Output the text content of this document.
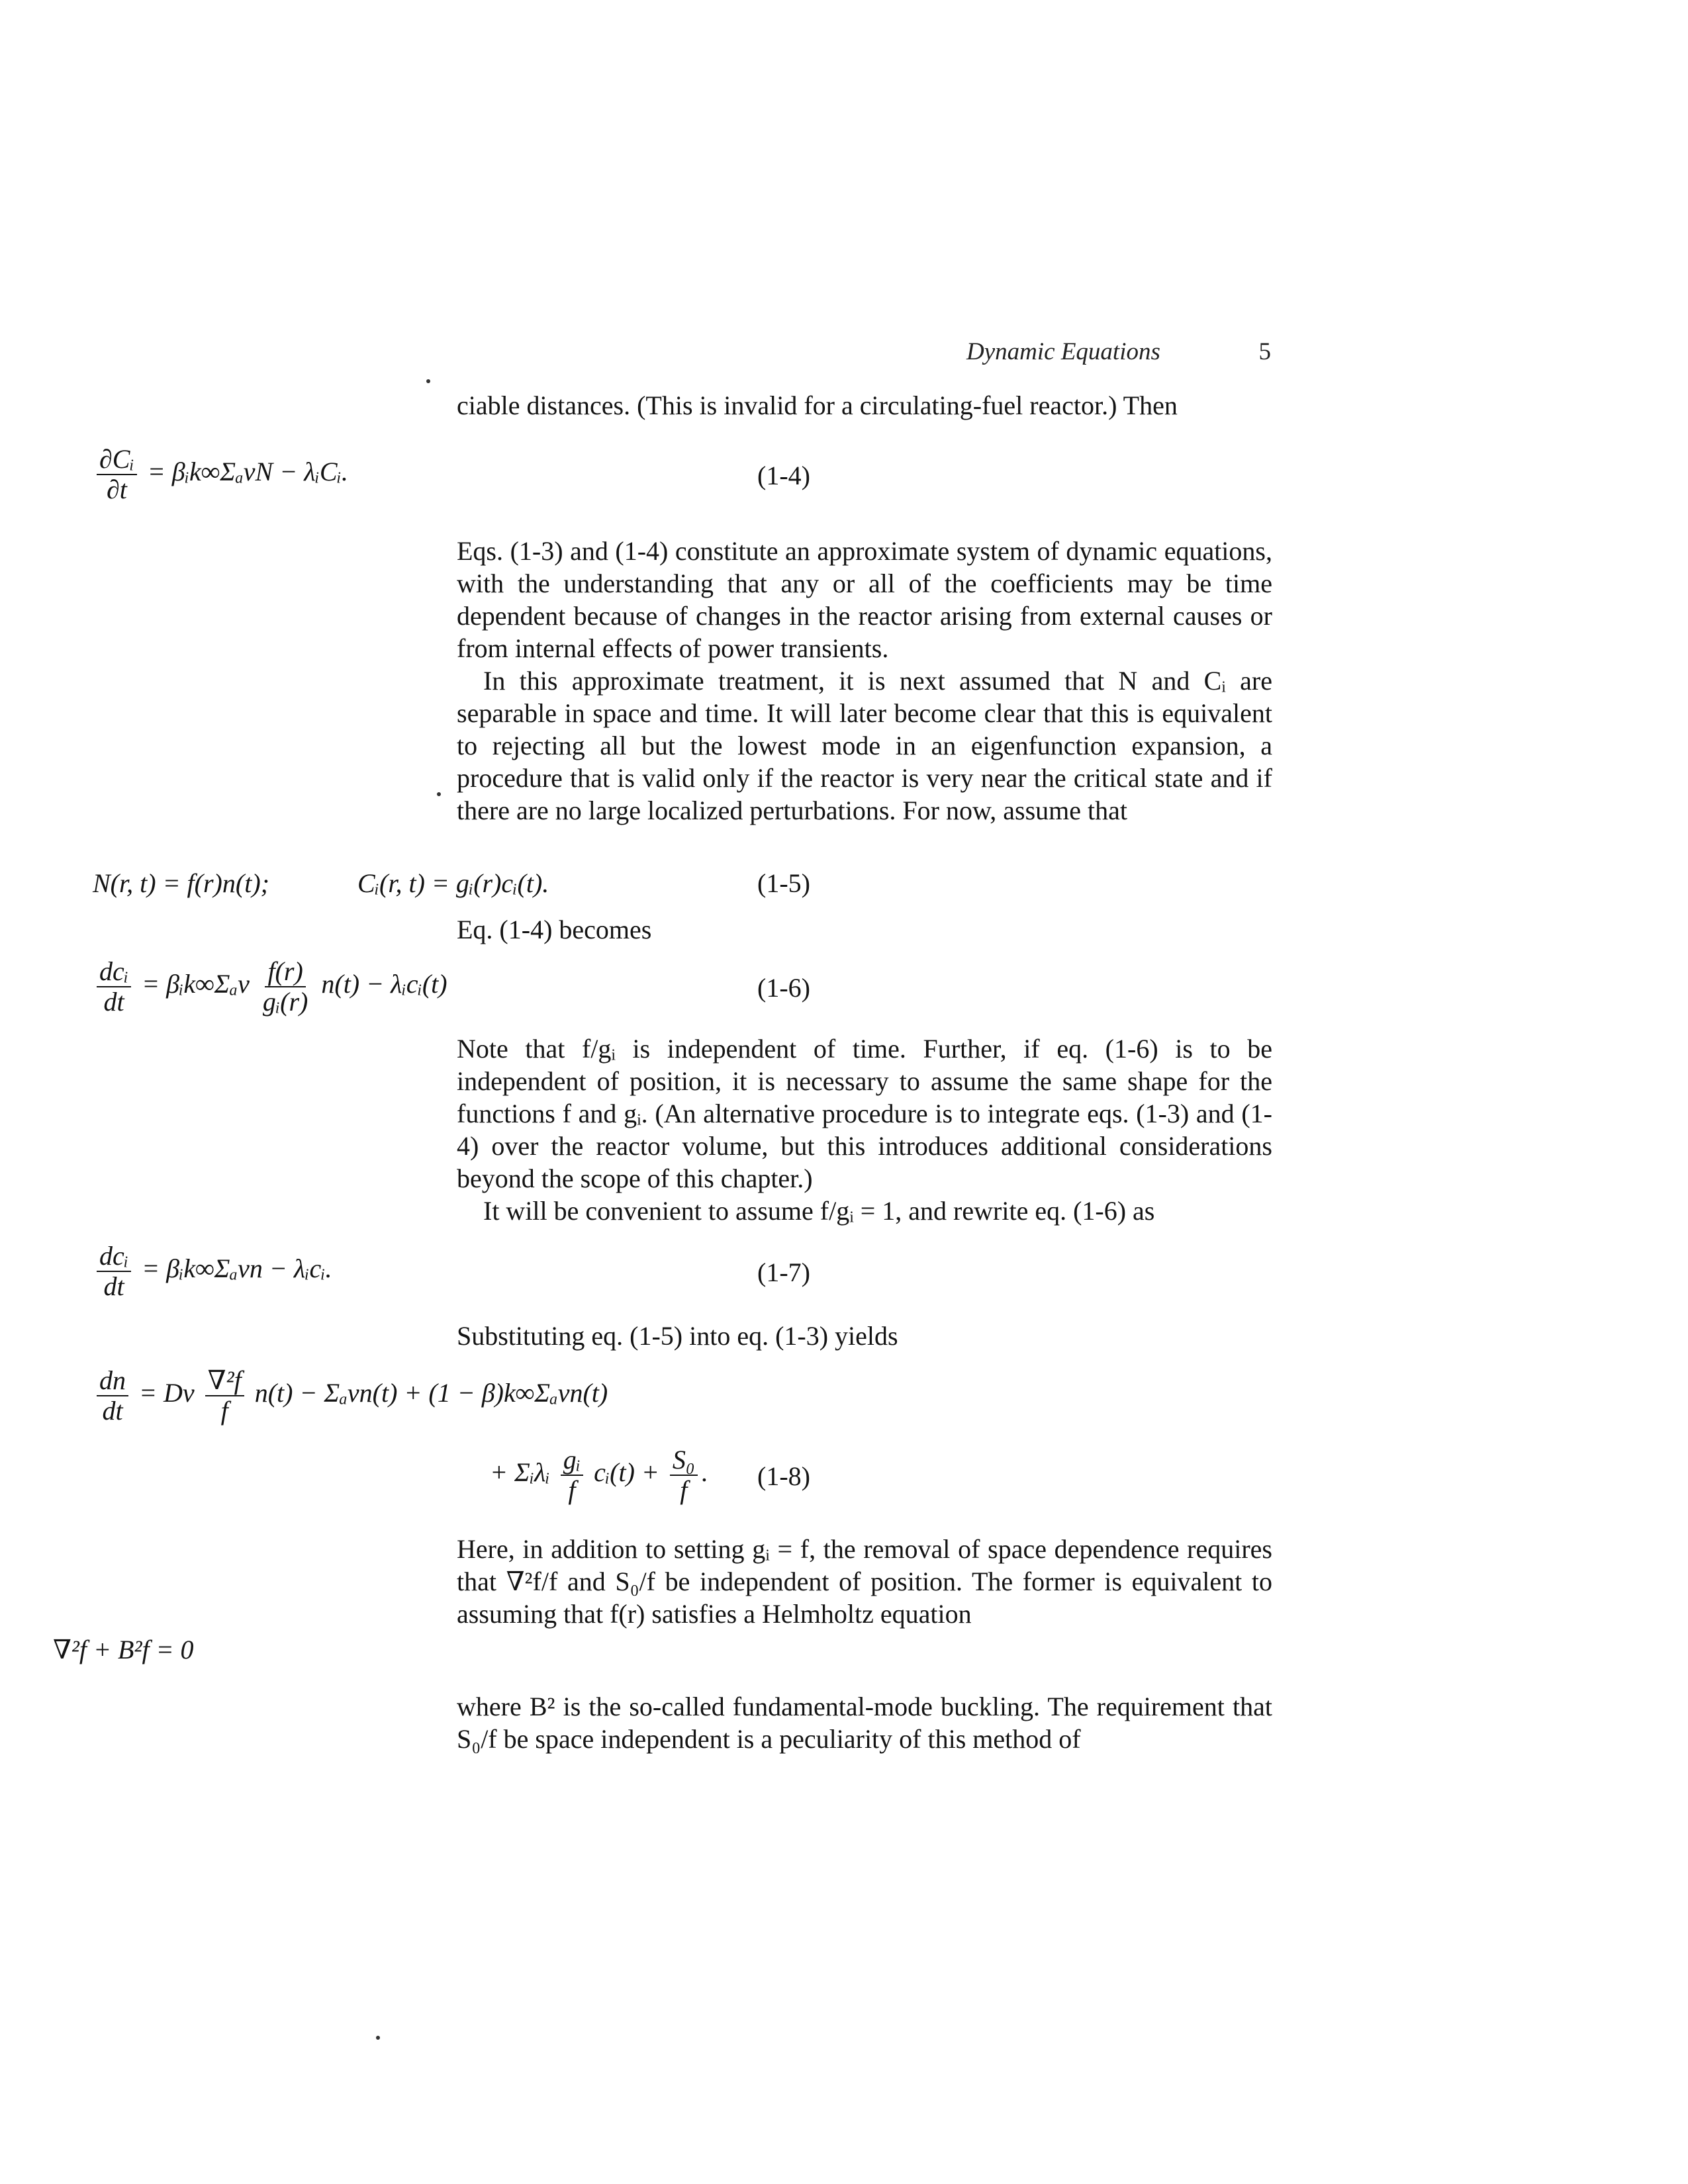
Dynamic Equations	5

ciable distances. (This is invalid for a circulating-fuel reactor.) Then

$\frac{\text{∂Cᵢ}}{\partial t}$ = βᵢk∞ΣₐvN − λᵢCᵢ.	(1-4)

Eqs. (1-3) and (1-4) constitute an approximate system of dynamic equations, with the understanding that any or all of the coefficients may be time dependent because of changes in the reactor arising from external causes or from internal effects of power transients.

In this approximate treatment, it is next assumed that N and Cᵢ are separable in space and time. It will later become clear that this is equivalent to rejecting all but the lowest mode in an eigenfunction expansion, a procedure that is valid only if the reactor is very near the critical state and if there are no large localized perturbations. For now, assume that

N(r, t) = f(r)n(t);	Cᵢ(r, t) = gᵢ(r)cᵢ(t).	(1-5)

Eq. (1-4) becomes

$\frac{\text{dcᵢ}}{dt}$ = βᵢk∞Σₐv $\frac{f(r)}{\text{gᵢ(r)}} n(t)$ − λᵢcᵢ(t)	(1-6)

Note that f/gᵢ is independent of time. Further, if eq. (1-6) is to be independent of position, it is necessary to assume the same shape for the functions f and gᵢ. (An alternative procedure is to integrate eqs. (1-3) and (1-4) over the reactor volume, but this introduces additional considerations beyond the scope of this chapter.)

It will be convenient to assume f/gᵢ = 1, and rewrite eq. (1-6) as

$\frac{\text{dcᵢ}}{dt}$ = βᵢk∞Σₐvn − λᵢcᵢ.	(1-7)

Substituting eq. (1-5) into eq. (1-3) yields

$\frac{dn}{dt} = Dv \frac{\text{∇²f}}{f} n(t) - \Sigma_avn(t) + (1 - \beta)k\infty\Sigma_avn(t)$
+ Σᵢλᵢ $\frac{\text{gᵢ}}{f}$ cᵢ(t) + $\frac{\text{S₀}}{f}$ . (1-8)

Here, in addition to setting gᵢ = f, the removal of space dependence requires that ∇²f/f and S₀/f be independent of position. The former is equivalent to assuming that f(r) satisfies a Helmholtz equation

∇²f + B²f = 0

where B² is the so-called fundamental-mode buckling. The requirement that S₀/f be space independent is a peculiarity of this method of
